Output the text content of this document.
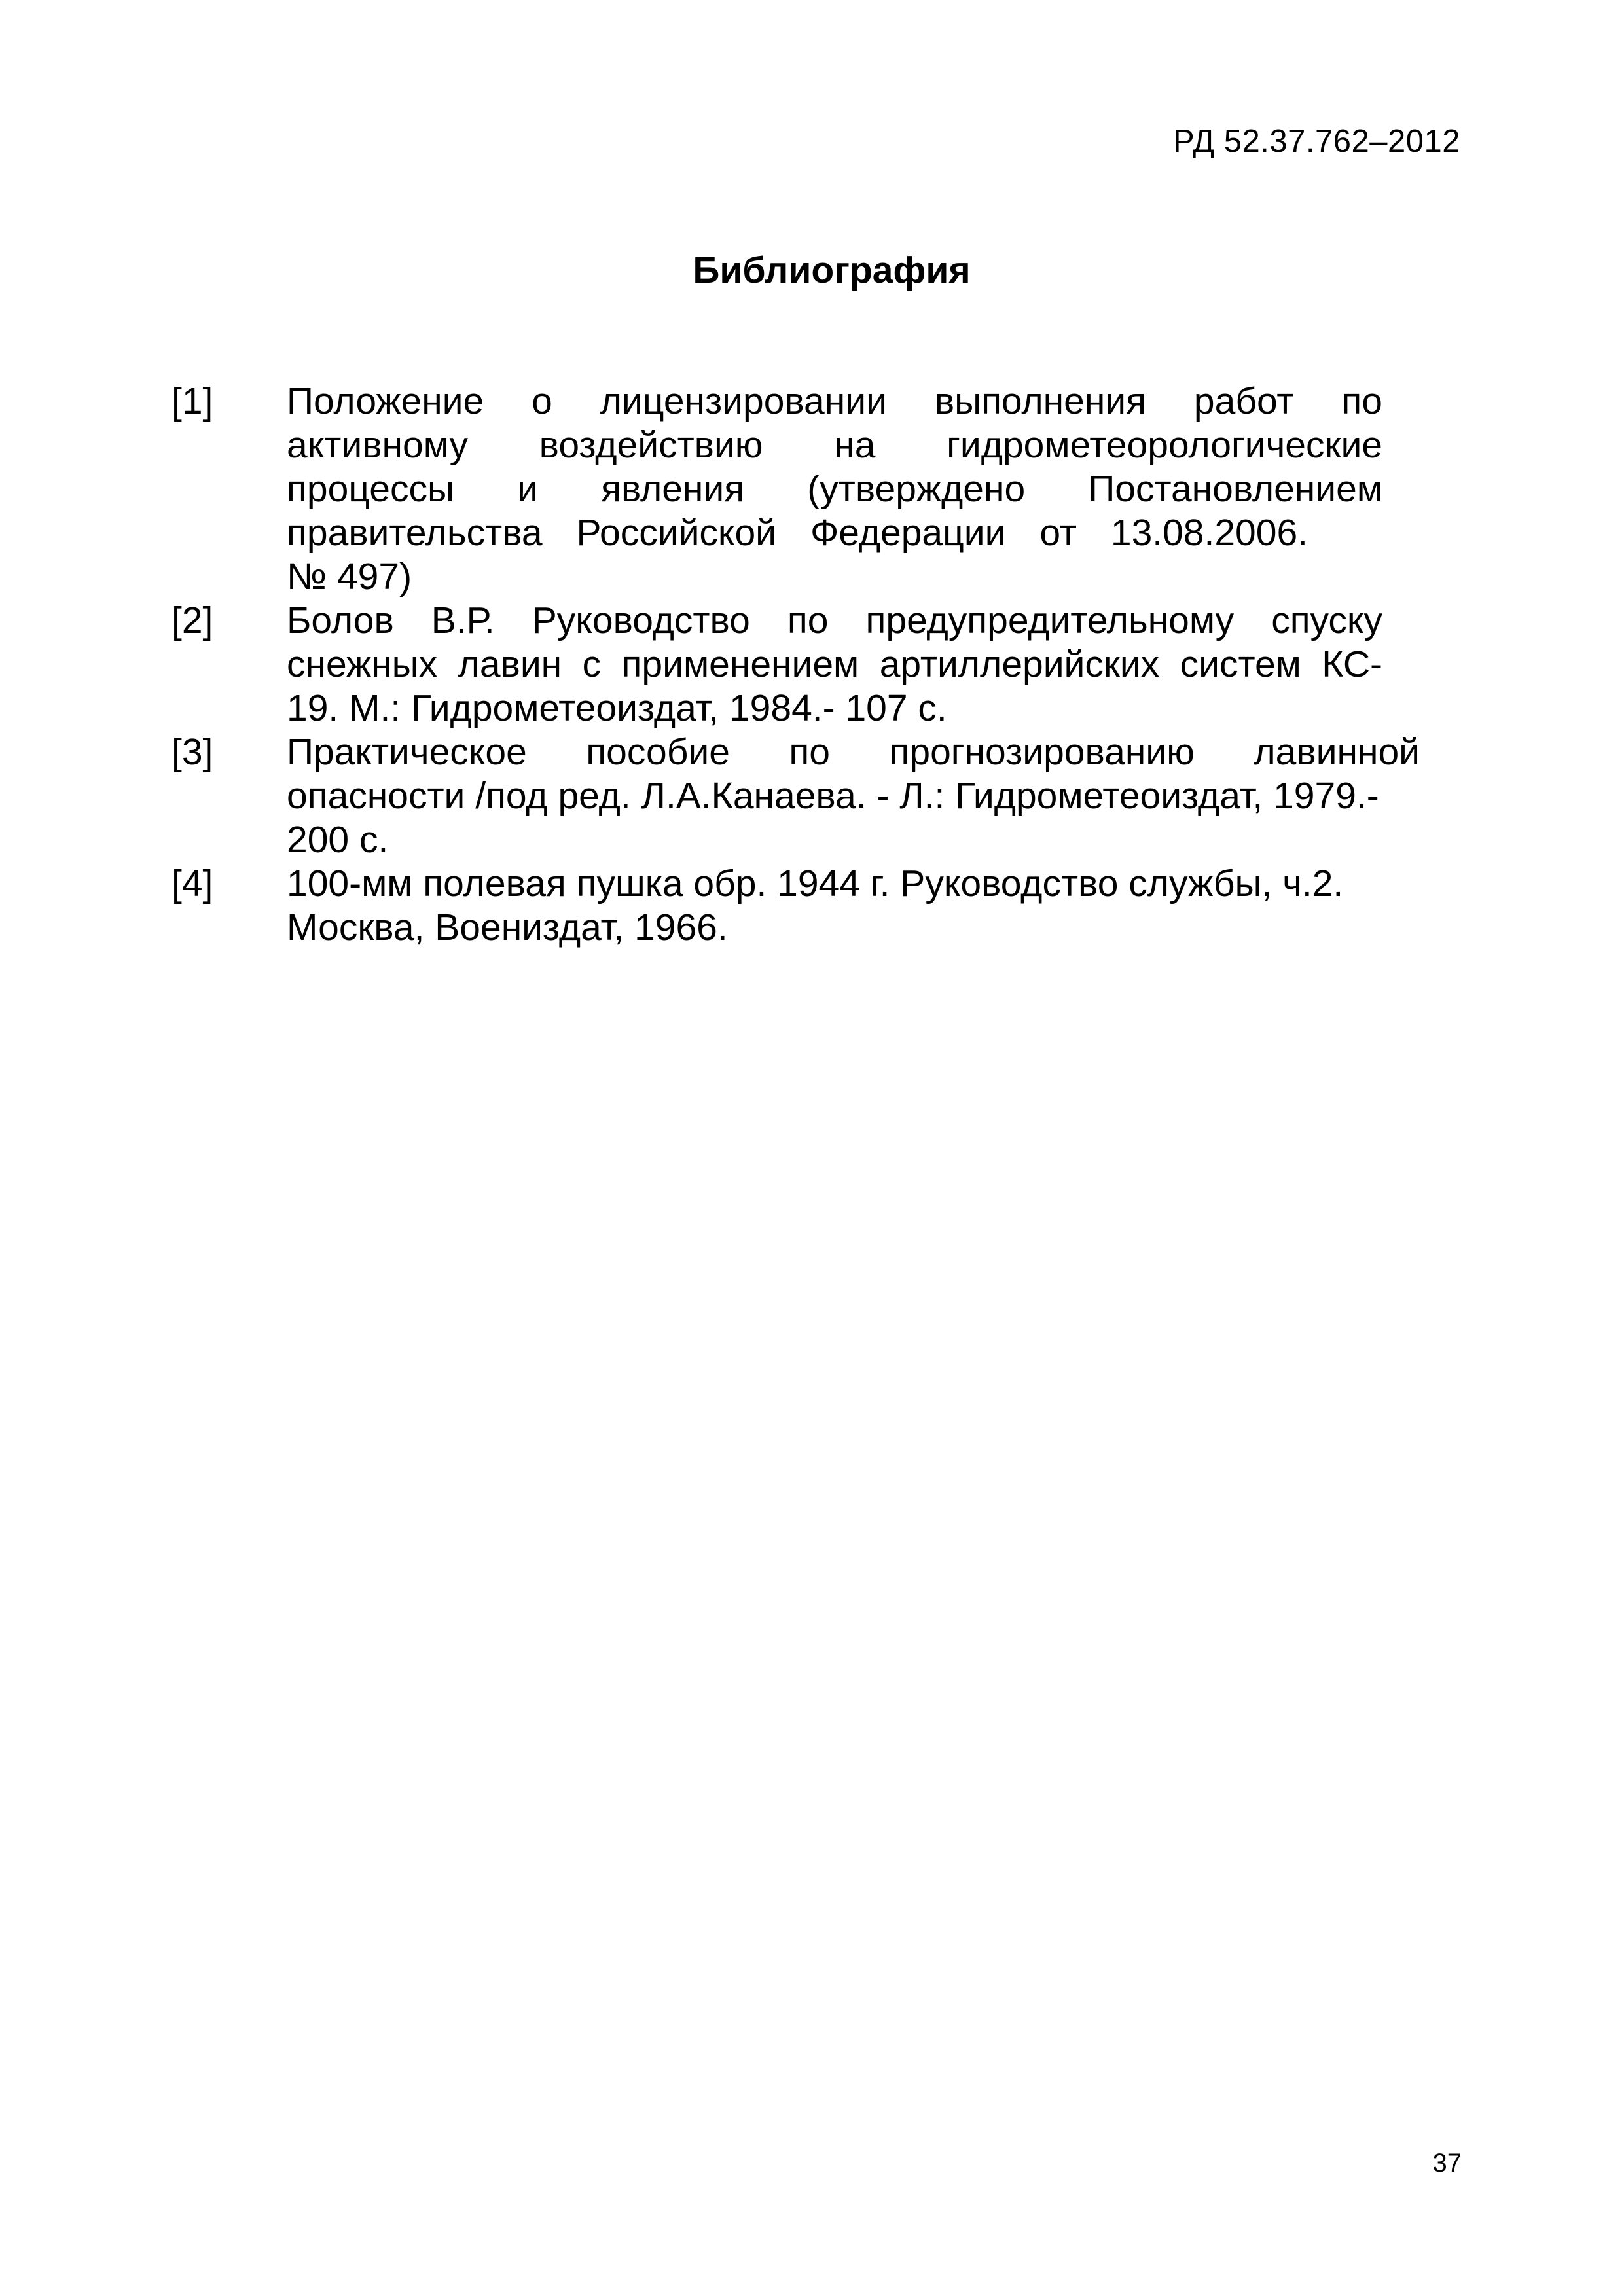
РД 52.37.762–2012
Библиография
[1] Положение о лицензировании выполнения работ по
активному воздействию на гидрометеорологические
процессы и явления (утверждено Постановлением
правительства Российской Федерации от 13.08.2006.
№ 497)
[2] Болов В.Р. Руководство по предупредительному спуску
снежных лавин с применением артиллерийских систем КС-
19. М.: Гидрометеоиздат, 1984.- 107 с.
[3] Практическое пособие по прогнозированию лавинной
опасности /под ред. Л.А.Канаева. - Л.: Гидрометеоиздат, 1979.-
200 с.
[4] 100-мм полевая пушка обр. 1944 г. Руководство службы, ч.2.
Москва, Воениздат, 1966.
37
